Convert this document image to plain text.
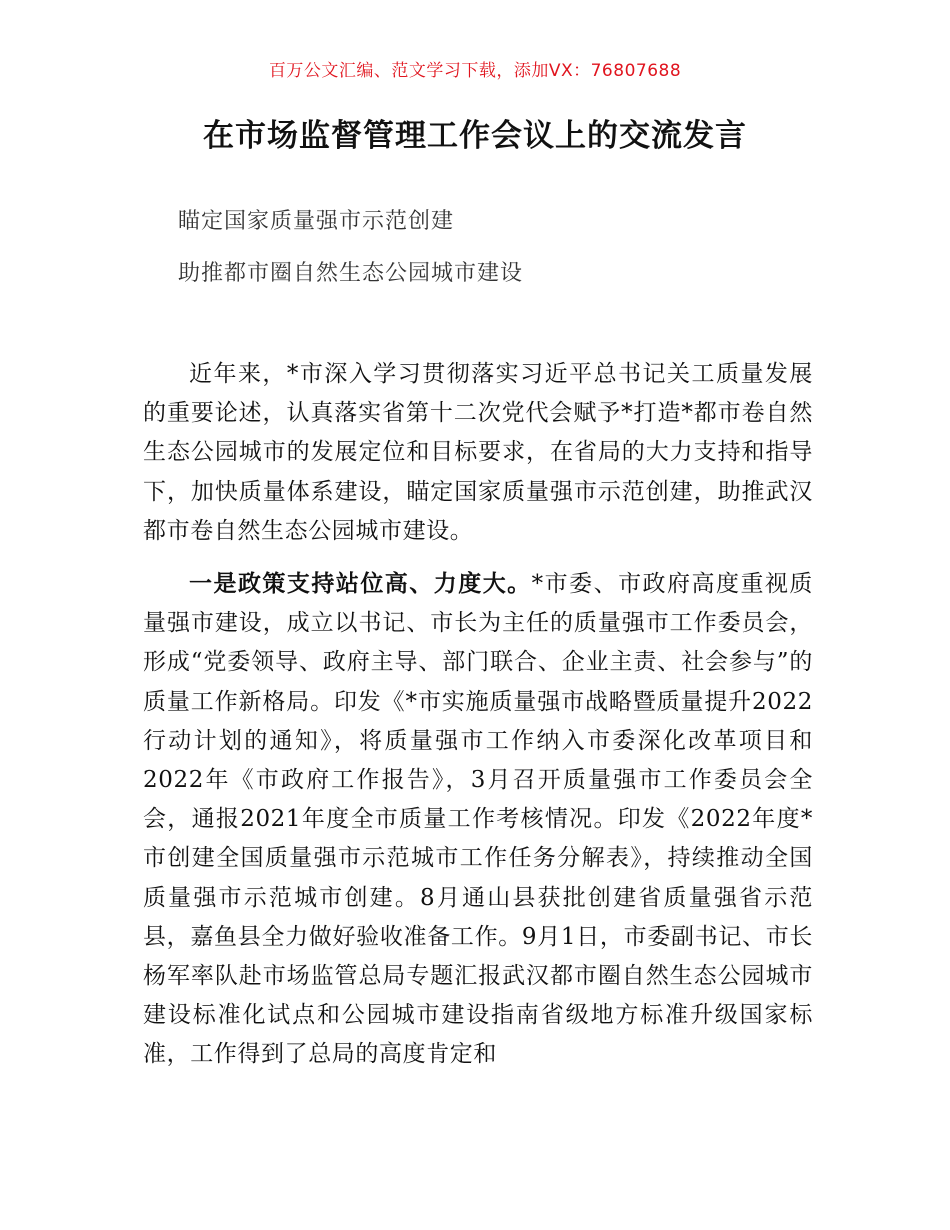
百万公文汇编、范文学习下载，添加VX：76807688
在市场监督管理工作会议上的交流发言
瞄定国家质量强市示范创建
助推都市圈自然生态公园城市建设

近年来，*市深入学习贯彻落实习近平总书记关工质量发展的重要论述，认真落实省第十二次党代会赋予*打造*都市卷自然生态公园城市的发展定位和目标要求，在省局的大力支持和指导下，加快质量体系建设，瞄定国家质量强市示范创建，助推武汉都市卷自然生态公园城市建设。

一是政策支持站位高、力度大。*市委、市政府高度重视质量强市建设，成立以书记、市长为主任的质量强市工作委员会，形成“党委领导、政府主导、部门联合、企业主责、社会参与”的质量工作新格局。印发《*市实施质量强市战略暨质量提升2022行动计划的通知》，将质量强市工作纳入市委深化改革项目和2022年《市政府工作报告》，3月召开质量强市工作委员会全会，通报2021年度全市质量工作考核情况。印发《2022年度*市创建全国质量强市示范城市工作任务分解表》，持续推动全国质量强市示范城市创建。8月通山县获批创建省质量强省示范县，嘉鱼县全力做好验收准备工作。9月1日，市委副书记、市长杨军率队赴市场监管总局专题汇报武汉都市圈自然生态公园城市建设标准化试点和公园城市建设指南省级地方标准升级国家标准，工作得到了总局的高度肯定和
